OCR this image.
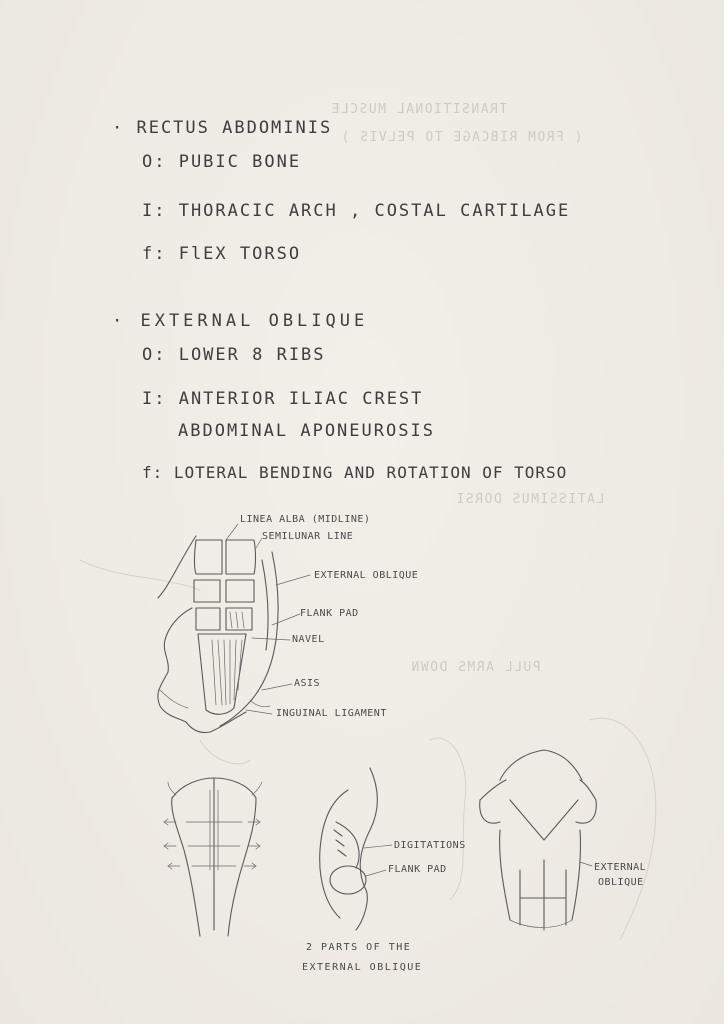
TRANSITIONAL MUSCLE
( FROM RIBCAGE TO PELVIS )
LATISSIMUS DORSI
PULL ARMS DOWN
· RECTUS ABDOMINIS
O: PUBIC BONE
I: THORACIC ARCH , COSTAL CARTILAGE
f: FlEX TORSO
· EXTERNAL OBLIQUE
O: LOWER 8 RIBS
I: ANTERIOR ILIAC CREST
ABDOMINAL APONEUROSIS
f: LOTERAL BENDING AND ROTATION OF TORSO
LINEA ALBA (MIDLINE)
SEMILUNAR LINE
EXTERNAL OBLIQUE
FLANK PAD
NAVEL
ASIS
INGUINAL LIGAMENT
DIGITATIONS
FLANK PAD
2 PARTS OF THE
EXTERNAL OBLIQUE
EXTERNAL
OBLIQUE
